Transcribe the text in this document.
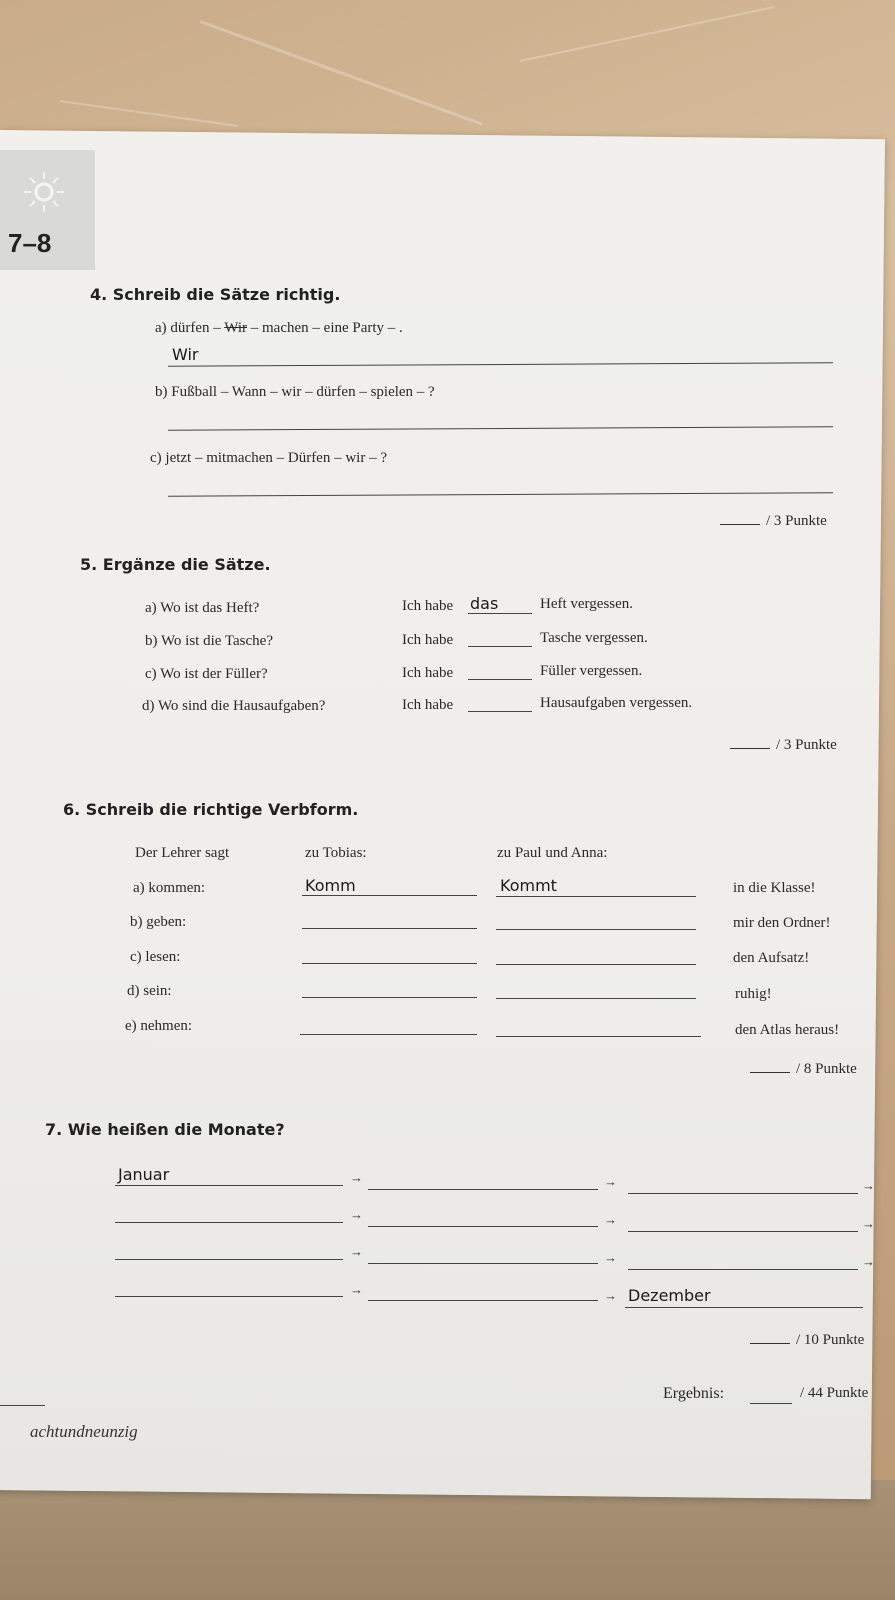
7–8
4. Schreib die Sätze richtig.
a) dürfen – Wir – machen – eine Party – .
Wir
b) Fußball – Wann – wir – dürfen – spielen – ?
c) jetzt – mitmachen – Dürfen – wir – ?
/ 3 Punkte
5. Ergänze die Sätze.
a) Wo ist das Heft?	Ich habe das	Heft vergessen.
b) Wo ist die Tasche?	Ich habe	Tasche vergessen.
c) Wo ist der Füller?	Ich habe	Füller vergessen.
d) Wo sind die Hausaufgaben?	Ich habe	Hausaufgaben vergessen.
/ 3 Punkte
6. Schreib die richtige Verbform.
Der Lehrer sagt	zu Tobias:	zu Paul und Anna:
a) kommen:	Komm	Kommt	in die Klasse!
b) geben:	mir den Ordner!
c) lesen:	den Aufsatz!
d) sein:	ruhig!
e) nehmen:	den Atlas heraus!
/ 8 Punkte
7. Wie heißen die Monate?
Januar	→	→	→
→	→	→
→	→	→
→	→ Dezember
/ 10 Punkte
Ergebnis:	/ 44 Punkte
achtundneunzig
